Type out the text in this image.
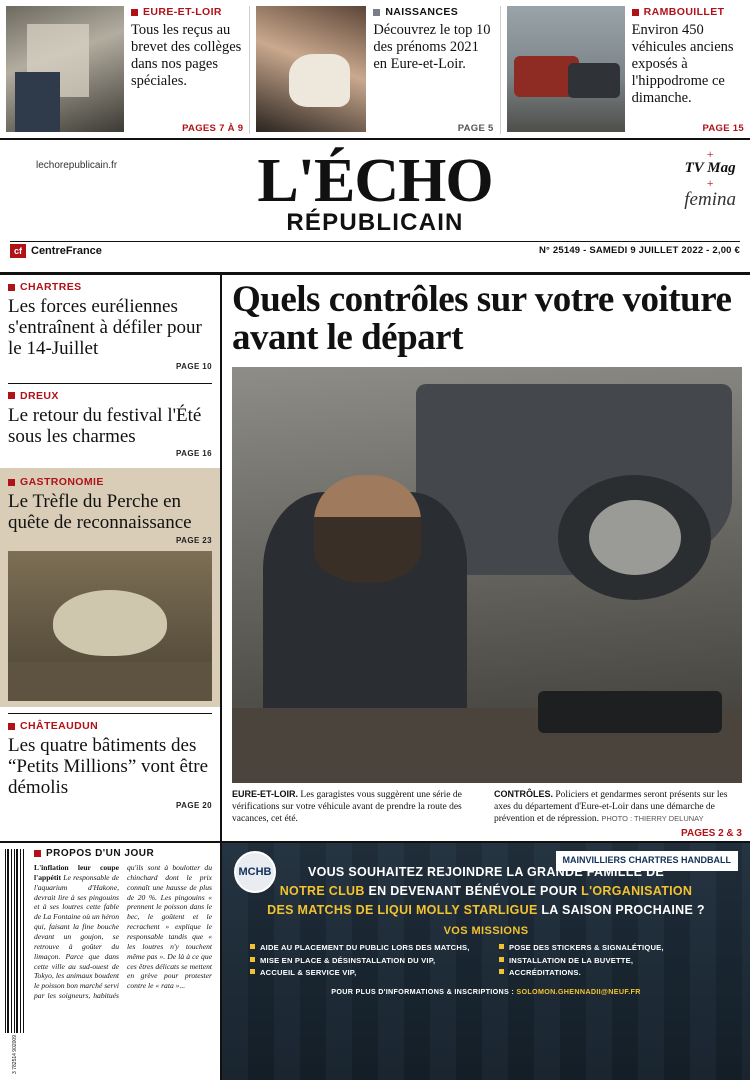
EURE-ET-LOIR
Tous les reçus au brevet des collèges dans nos pages spéciales.
PAGES 7 À 9
NAISSANCES
Découvrez le top 10 des prénoms 2021 en Eure-et-Loir.
PAGE 5
RAMBOUILLET
Environ 450 véhicules anciens exposés à l'hippodrome ce dimanche.
PAGE 15
lechorepublicain.fr
+
TV Mag
+
femina
L'ÉCHO
RÉPUBLICAIN
cf CentreFrance	N° 25149 - SAMEDI 9 JUILLET 2022 - 2,00 €
CHARTRES
Les forces euréliennes s'entraînent à défiler pour le 14-Juillet
PAGE 10
DREUX
Le retour du festival l'Été sous les charmes
PAGE 16
GASTRONOMIE
Le Trèfle du Perche en quête de reconnaissance
PAGE 23
CHÂTEAUDUN
Les quatre bâtiments des “Petits Millions” vont être démolis
PAGE 20
Quels contrôles sur votre voiture avant le départ
EURE-ET-LOIR. Les garagistes vous suggèrent une série de vérifications sur votre véhicule avant de prendre la route des vacances, cet été.
CONTRÔLES. Policiers et gendarmes seront présents sur les axes du département d'Eure-et-Loir dans une démarche de prévention et de répression. PHOTO : THIERRY DELUNAY
PAGES 2 & 3
3 782514 902009
PROPOS D'UN JOUR
L'inflation leur coupe l'appétit Le responsable de l'aquarium d'Hakone, devrait lire à ses pingouins et à ses loutres cette fable de La Fontaine où un héron qui, faisant la fine bouche devant un goujon, se retrouve à goûter du limaçon. Parce que dans cette ville au sud-ouest de Tokyo, les animaux boudent le poisson bon marché servi par les soigneurs, habitués qu'ils sont à boulotter du chinchard dont le prix connaît une hausse de plus de 20 %. Les pingouins « prennent le poisson dans le bec, le goûtent et le recrachent » explique le responsable tandis que « les loutres n'y touchent même pas ». De là à ce que ces êtres délicats se mettent en grève pour protester contre le « rata »...
MCHB
MAINVILLIERS CHARTRES HANDBALL
VOUS SOUHAITEZ REJOINDRE LA GRANDE FAMILLE DE
NOTRE CLUB EN DEVENANT BÉNÉVOLE POUR L'ORGANISATION
DES MATCHS DE LIQUI MOLLY STARLIGUE LA SAISON PROCHAINE ?
VOS MISSIONS
AIDE AU PLACEMENT DU PUBLIC LORS DES MATCHS,
MISE EN PLACE & DÉSINSTALLATION DU VIP,
ACCUEIL & SERVICE VIP,
POSE DES STICKERS & SIGNALÉTIQUE,
INSTALLATION DE LA BUVETTE,
ACCRÉDITATIONS.
POUR PLUS D'INFORMATIONS & INSCRIPTIONS : SOLOMON.GHENNADII@NEUF.FR
